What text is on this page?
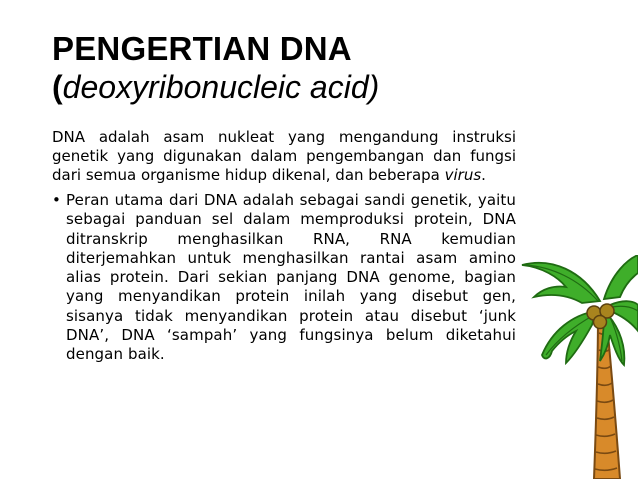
PENGERTIAN DNA
(deoxyribonucleic acid)

DNA adalah asam nukleat yang mengandung instruksi genetik yang digunakan dalam pengembangan dan fungsi dari semua organisme hidup dikenal, dan beberapa virus.

• Peran utama dari DNA adalah sebagai sandi genetik, yaitu sebagai panduan sel dalam memproduksi protein, DNA ditranskrip menghasilkan RNA, RNA kemudian diterjemahkan untuk menghasilkan rantai asam amino alias protein. Dari sekian panjang DNA genome, bagian yang menyandikan protein inilah yang disebut gen, sisanya tidak menyandikan protein atau disebut ‘junk DNA’, DNA ‘sampah’ yang fungsinya belum diketahui dengan baik.
